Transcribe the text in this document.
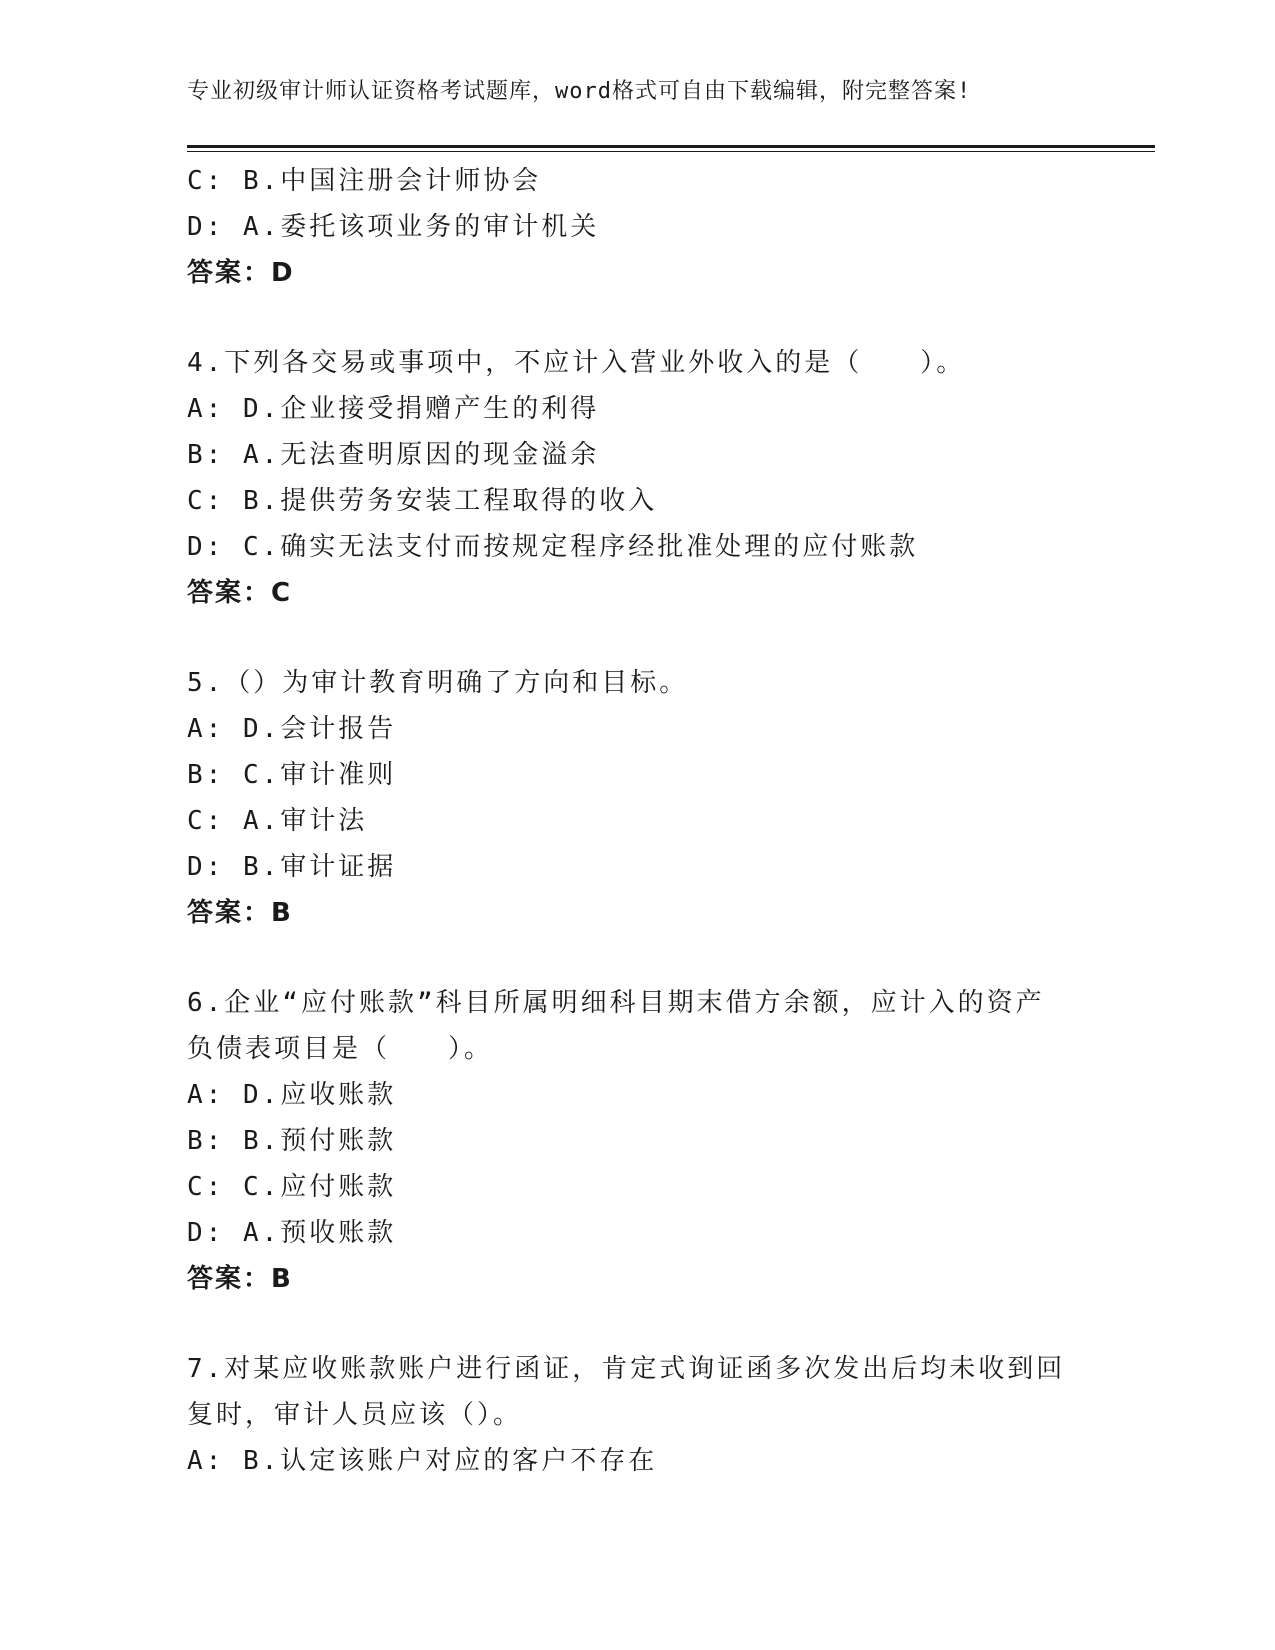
专业初级审计师认证资格考试题库，word格式可自由下载编辑，附完整答案!
C: B.中国注册会计师协会
D: A.委托该项业务的审计机关
答案：D
4.下列各交易或事项中，不应计入营业外收入的是（　　）。
A: D.企业接受捐赠产生的利得
B: A.无法查明原因的现金溢余
C: B.提供劳务安装工程取得的收入
D: C.确实无法支付而按规定程序经批准处理的应付账款
答案：C
5.（）为审计教育明确了方向和目标。
A: D.会计报告
B: C.审计准则
C: A.审计法
D: B.审计证据
答案：B
6.企业“应付账款”科目所属明细科目期末借方余额，应计入的资产负债表项目是（　　）。
A: D.应收账款
B: B.预付账款
C: C.应付账款
D: A.预收账款
答案：B
7.对某应收账款账户进行函证，肯定式询证函多次发出后均未收到回复时，审计人员应该（）。
A: B.认定该账户对应的客户不存在
